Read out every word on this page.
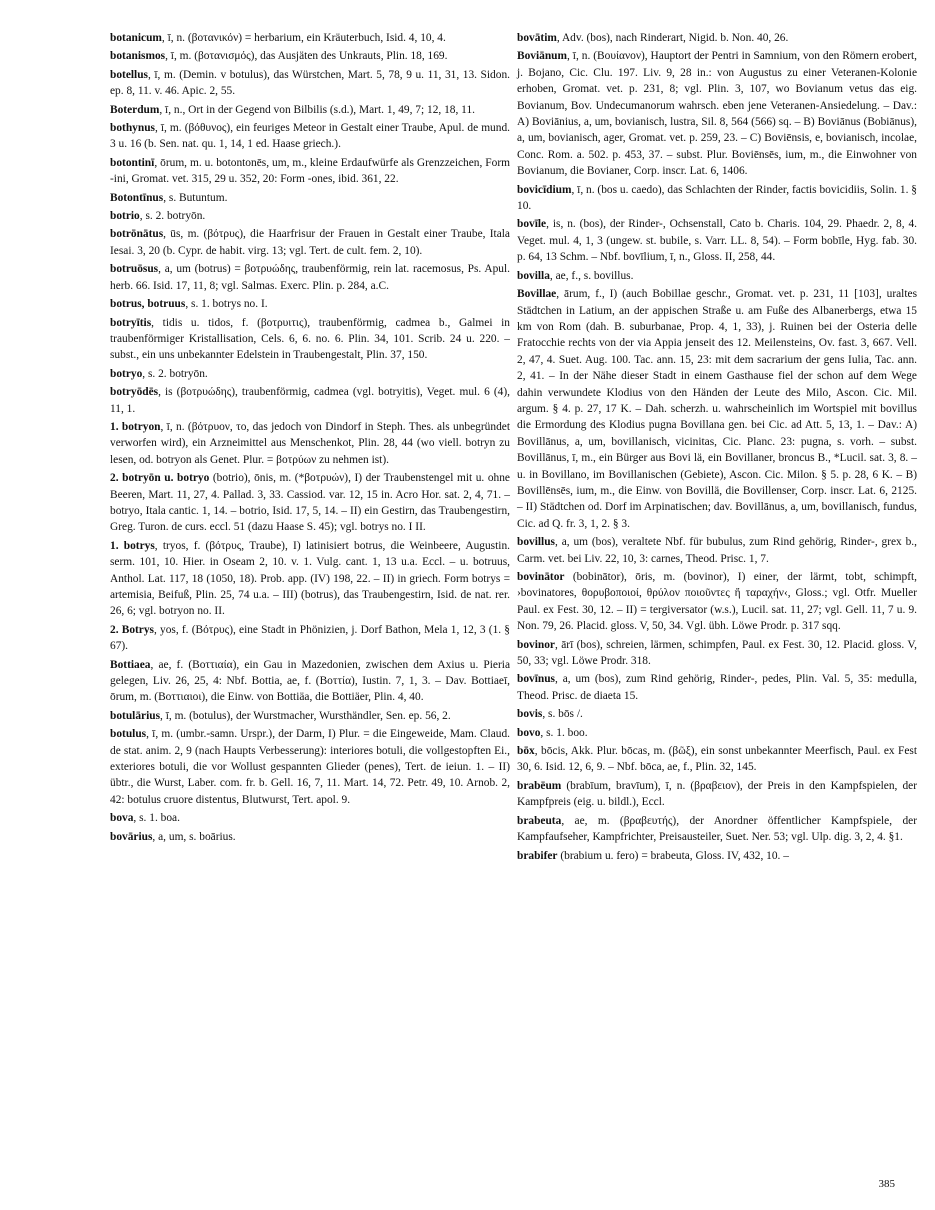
botanicum, ī, n. (βοτανικόν) = herbarium, ein Kräuterbuch, Isid. 4, 10, 4.
botanismos, ī, m. (βοτανισμός), das Ausjäten des Unkrauts, Plin. 18, 169.
botellus, ī, m. (Demin. v botulus), das Würstchen, Mart. 5, 78, 9 u. 11, 31, 13. Sidon. ep. 8, 11. v. 46. Apic. 2, 55.
Boterdum, ī, n., Ort in der Gegend von Bilbilis (s.d.), Mart. 1, 49, 7; 12, 18, 11.
bothynus, ī, m. (βόθυνος), ein feuriges Meteor in Gestalt einer Traube, Apul. de mund. 3 u. 16 (b. Sen. nat. qu. 1, 14, 1 ed. Haase griech.).
botontinī, ōrum, m. u. botontonēs, um, m., kleine Erdaufwürfe als Grenzzeichen, Form -ini, Gromat. vet. 315, 29 u. 352, 20: Form -ones, ibid. 361, 22.
Botontīnus, s. Butuntum.
botrio, s. 2. botryōn.
botrōnātus, ūs, m. (βότρυς), die Haarfrisur der Frauen in Gestalt einer Traube, Itala Iesai. 3, 20 (b. Cypr. de habit. virg. 13; vgl. Tert. de cult. fem. 2, 10).
botruōsus, a, um (botrus) = βοτρυώδης, traubenförmig, rein lat. racemosus, Ps. Apul. herb. 66. Isid. 17, 11, 8; vgl. Salmas. Exerc. Plin. p. 284, a.C.
botrus, botruus, s. 1. botrys no. I.
botryītis, tidis u. tidos, f. (βοτρυιτις), traubenförmig, cadmea b., Galmei in traubenförmiger Kristallisation, Cels. 6, 6. no. 6. Plin. 34, 101. Scrib. 24 u. 220. – subst., ein uns unbekannter Edelstein in Traubengestalt, Plin. 37, 150.
botryo, s. 2. botryōn.
botryōdēs, is (βοτρυώδης), traubenförmig, cadmea (vgl. botryitis), Veget. mul. 6 (4), 11, 1.
1. botryon, ī, n. (βότρυον, το, das jedoch von Dindorf in Steph. Thes. als unbegründet verworfen wird), ein Arzneimittel aus Menschenkot, Plin. 28, 44 (wo viell. botryn zu lesen, od. botryon als Genet. Plur. = βοτρύων zu nehmen ist).
2. botryōn u. botryo (botrio), ōnis, m. (*βοτρυών), I) der Traubenstengel mit u. ohne Beeren, Mart. 11, 27, 4. Pallad. 3, 33. Cassiod. var. 12, 15 in. Acro Hor. sat. 2, 4, 71. – botryo, Itala cantic. 1, 14. – botrio, Isid. 17, 5, 14. – II) ein Gestirn, das Traubengestirn, Greg. Turon. de curs. eccl. 51 (dazu Haase S. 45); vgl. botrys no. I II.
1. botrys, tryos, f. (βότρυς, Traube), I) latinisiert botrus, die Weinbeere, Augustin. serm. 101, 10. Hier. in Oseam 2, 10. v. 1. Vulg. cant. 1, 13 u.a. Eccl. – u. botruus, Anthol. Lat. 117, 18 (1050, 18). Prob. app. (IV) 198, 22. – II) in griech. Form botrys = artemisia, Beifuß, Plin. 25, 74 u.a. – III) (botrus), das Traubengestirn, Isid. de nat. rer. 26, 6; vgl. botryon no. II.
2. Botrys, yos, f. (Βότρυς), eine Stadt in Phönizien, j. Dorf Bathon, Mela 1, 12, 3 (1. § 67).
Bottiaea, ae, f. (Βοττιαία), ein Gau in Mazedonien, zwischen dem Axius u. Pieria gelegen, Liv. 26, 25, 4: Nbf. Bottia, ae, f. (Βοττία), Iustin. 7, 1, 3. – Dav. Bottiaeī, ōrum, m. (Βοττιαιοι), die Einw. von Bottiäa, die Bottiäer, Plin. 4, 40.
botulārius, ī, m. (botulus), der Wurstmacher, Wursthändler, Sen. ep. 56, 2.
botulus, ī, m. (umbr.-samn. Urspr.), der Darm, I) Plur. = die Eingeweide, Mam. Claud. de stat. anim. 2, 9 (nach Haupts Verbesserung): interiores botuli, die vollgestopften Ei., exteriores botuli, die vor Wollust gespannten Glieder (penes), Tert. de ieiun. 1. – II) übtr., die Wurst, Laber. com. fr. b. Gell. 16, 7, 11. Mart. 14, 72. Petr. 49, 10. Arnob. 2, 42: botulus cruore distentus, Blutwurst, Tert. apol. 9.
bova, s. 1. boa.
bovārius, a, um, s. boārius.
bovātim, Adv. (bos), nach Rinderart, Nigid. b. Non. 40, 26.
Boviānum, ī, n. (Βουίανον), Hauptort der Pentri in Samnium, von den Römern erobert, j. Bojano, Cic. Clu. 197. Liv. 9, 28 in.: von Augustus zu einer Veteranen-Kolonie erhoben, Gromat. vet. p. 231, 8; vgl. Plin. 3, 107, wo Bovianum vetus das eig. Bovianum, Bov. Undecumanorum wahrsch. eben jene Veteranen-Ansiedelung. – Dav.: A) Boviānius, a, um, bovianisch, lustra, Sil. 8, 564 (566) sq. – B) Boviānus (Bobiānus), a, um, bovianisch, ager, Gromat. vet. p. 259, 23. – C) Boviēnsis, e, bovianisch, incolae, Conc. Rom. a. 502. p. 453, 37. – subst. Plur. Boviēnsēs, ium, m., die Einwohner von Bovianum, die Bovianer, Corp. inscr. Lat. 6, 1406.
bovicīdium, ī, n. (bos u. caedo), das Schlachten der Rinder, factis bovicidiis, Solin. 1. § 10.
bovīle, is, n. (bos), der Rinder-, Ochsenstall, Cato b. Charis. 104, 29. Phaedr. 2, 8, 4. Veget. mul. 4, 1, 3 (ungew. st. bubile, s. Varr. LL. 8, 54). – Form bobīle, Hyg. fab. 30. p. 64, 13 Schm. – Nbf. bovīlium, ī, n., Gloss. II, 258, 44.
bovilla, ae, f., s. bovillus.
Bovillae, ārum, f., I) (auch Bobillae geschr., Gromat. vet. p. 231, 11 [103], uraltes Städtchen in Latium, an der appischen Straße u. am Fuße des Albanerbergs, etwa 15 km von Rom (dah. B. suburbanae, Prop. 4, 1, 33), j. Ruinen bei der Osteria delle Fratocchie rechts von der via Appia jenseit des 12. Meilensteins, Ov. fast. 3, 667. Vell. 2, 47, 4. Suet. Aug. 100. Tac. ann. 15, 23: mit dem sacrarium der gens Iulia, Tac. ann. 2, 41. – In der Nähe dieser Stadt in einem Gasthause fiel der schon auf dem Wege dahin verwundete Klodius von den Händen der Leute des Milo, Ascon. Cic. Mil. argum. § 4. p. 27, 17 K. – Dah. scherzh. u. wahrscheinlich im Wortspiel mit bovillus die Ermordung des Klodius pugna Bovillana gen. bei Cic. ad Att. 5, 13, 1. – Dav.: A) Bovillānus, a, um, bovillanisch, vicinitas, Cic. Planc. 23: pugna, s. vorh. – subst. Bovillānus, ī, m., ein Bürger aus Bovi lä, ein Bovillaner, broncus B., *Lucil. sat. 3, 8. – u. in Bovillano, im Bovillanischen (Gebiete), Ascon. Cic. Milon. § 5. p. 28, 6 K. – B) Bovillēnsēs, ium, m., die Einw. von Bovillä, die Bovillenser, Corp. inscr. Lat. 6, 2125. – II) Städtchen od. Dorf im Arpinatischen; dav. Bovillānus, a, um, bovillanisch, fundus, Cic. ad Q. fr. 3, 1, 2. § 3.
bovillus, a, um (bos), veraltete Nbf. für bubulus, zum Rind gehörig, Rinder-, grex b., Carm. vet. bei Liv. 22, 10, 3: carnes, Theod. Prisc. 1, 7.
bovinātor (bobinātor), ōris, m. (bovinor), I) einer, der lärmt, tobt, schimpft, ›bovinatores, θορυβοποιοί, θρύλον ποιοῦντες ἤ ταραχήν‹, Gloss.; vgl. Otfr. Mueller Paul. ex Fest. 30, 12. – II) = tergiversator (w.s.), Lucil. sat. 11, 27; vgl. Gell. 11, 7 u. 9. Non. 79, 26. Placid. gloss. V, 50, 34. Vgl. übh. Löwe Prodr. p. 317 sqq.
bovinor, ārī (bos), schreien, lärmen, schimpfen, Paul. ex Fest. 30, 12. Placid. gloss. V, 50, 33; vgl. Löwe Prodr. 318.
bovīnus, a, um (bos), zum Rind gehörig, Rinder-, pedes, Plin. Val. 5, 35: medulla, Theod. Prisc. de diaeta 15.
bovis, s. bōs /.
bovo, s. 1. boo.
bōx, bōcis, Akk. Plur. bōcas, m. (βῶξ), ein sonst unbekannter Meerfisch, Paul. ex Fest 30, 6. Isid. 12, 6, 9. – Nbf. bōca, ae, f., Plin. 32, 145.
brabēum (brabīum, bravīum), ī, n. (βραβειον), der Preis in den Kampfspielen, der Kampfpreis (eig. u. bildl.), Eccl.
brabeuta, ae, m. (βραβευτής), der Anordner öffentlicher Kampfspiele, der Kampfaufseher, Kampfrichter, Preisausteiler, Suet. Ner. 53; vgl. Ulp. dig. 3, 2, 4. §1.
brabifer (brabium u. fero) = brabeuta, Gloss. IV, 432, 10. –
385
